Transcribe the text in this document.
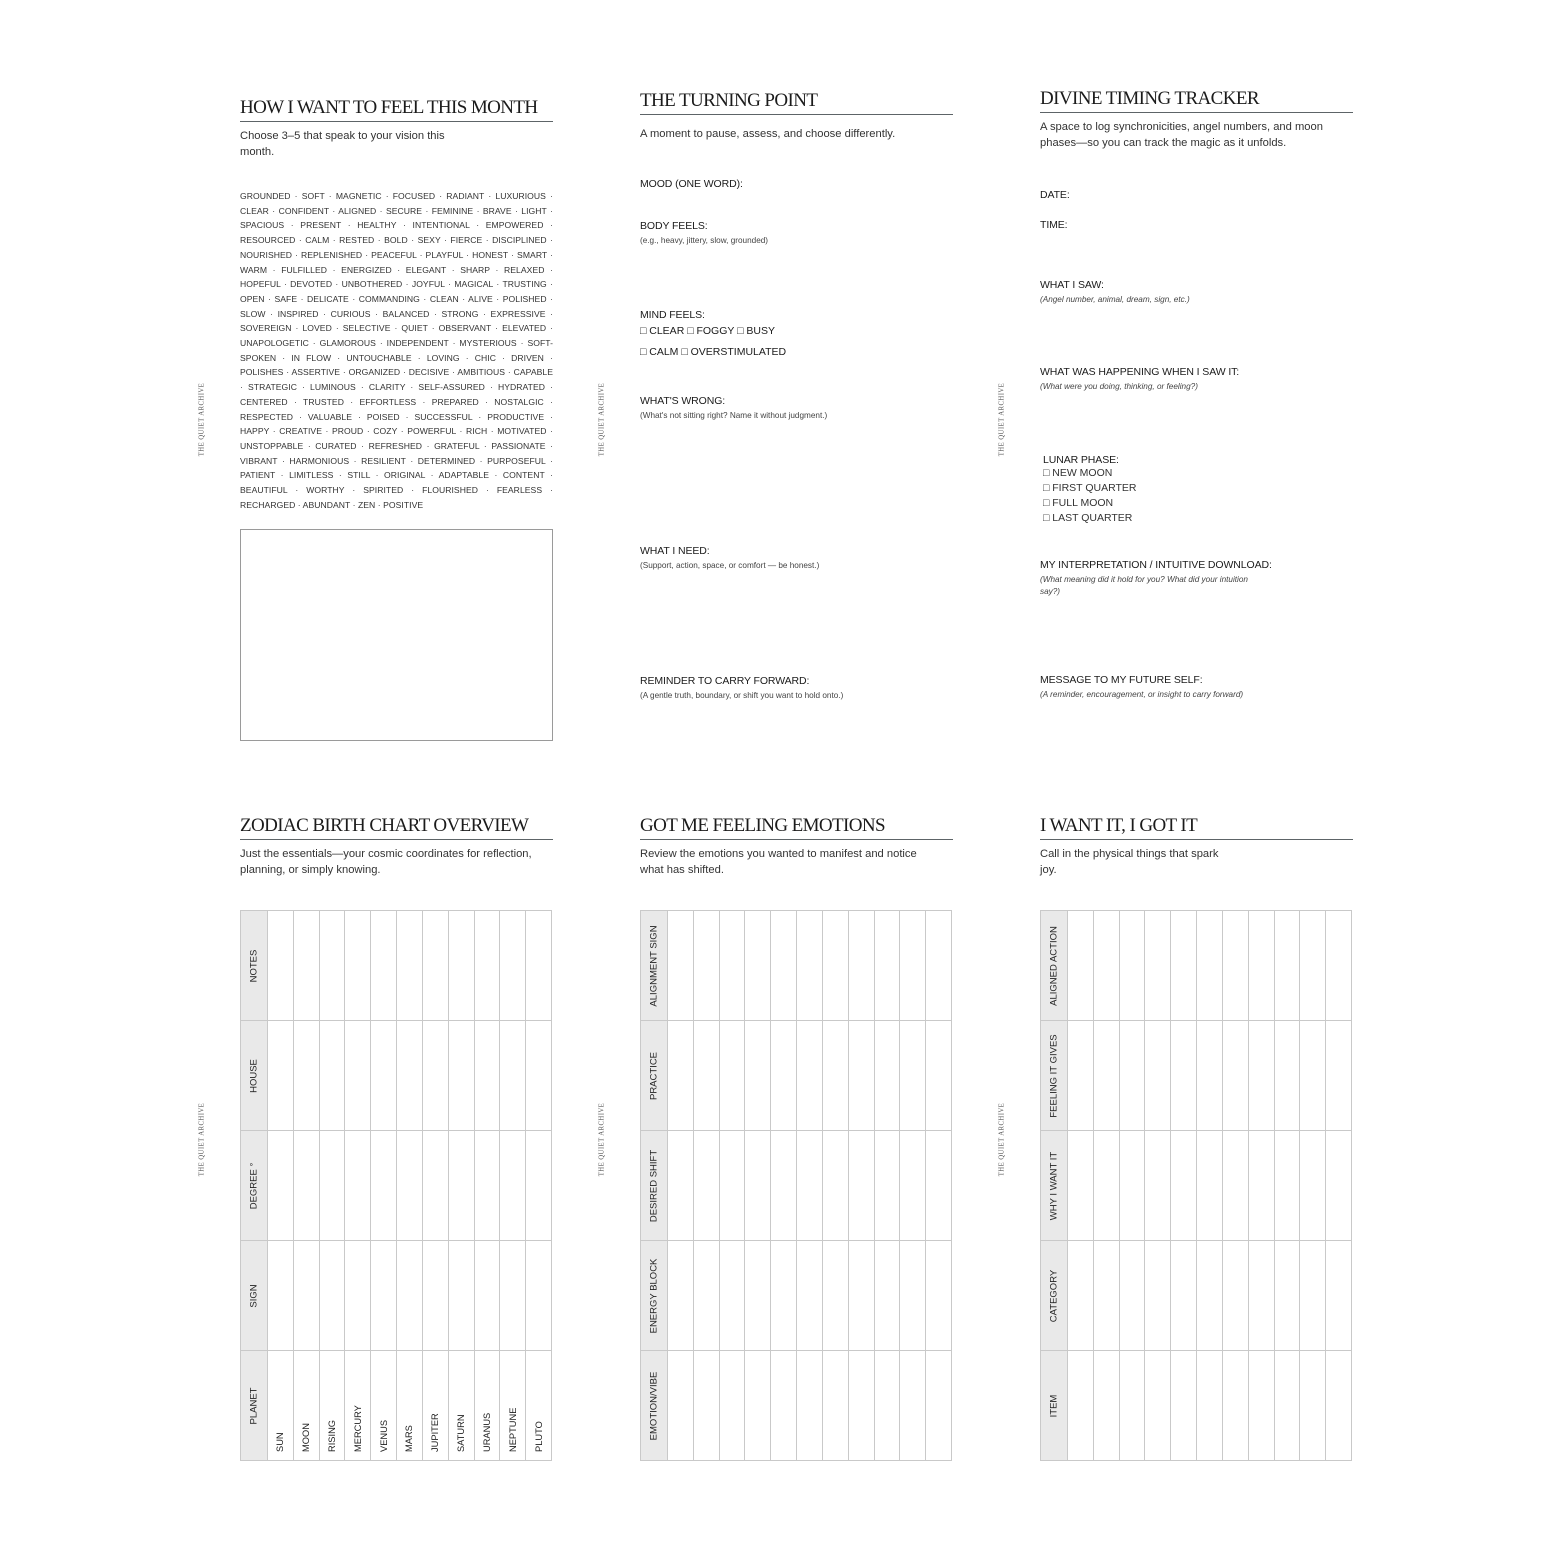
THE QUIET ARCHIVE
HOW I WANT TO FEEL THIS MONTH
Choose 3–5 that speak to your vision this
month.
GROUNDED · SOFT · MAGNETIC · FOCUSED · RADIANT · LUXURIOUS · CLEAR · CONFIDENT · ALIGNED · SECURE · FEMININE · BRAVE · LIGHT · SPACIOUS · PRESENT · HEALTHY · INTENTIONAL · EMPOWERED · RESOURCED · CALM · RESTED · BOLD · SEXY · FIERCE · DISCIPLINED · NOURISHED · REPLENISHED · PEACEFUL · PLAYFUL · HONEST · SMART · WARM · FULFILLED · ENERGIZED · ELEGANT · SHARP · RELAXED · HOPEFUL · DEVOTED · UNBOTHERED · JOYFUL · MAGICAL · TRUSTING · OPEN · SAFE · DELICATE · COMMANDING · CLEAN · ALIVE · POLISHED · SLOW · INSPIRED · CURIOUS · BALANCED · STRONG · EXPRESSIVE · SOVEREIGN · LOVED · SELECTIVE · QUIET · OBSERVANT · ELEVATED · UNAPOLOGETIC · GLAMOROUS · INDEPENDENT · MYSTERIOUS · SOFT-SPOKEN · IN FLOW · UNTOUCHABLE · LOVING · CHIC · DRIVEN · POLISHES · ASSERTIVE · ORGANIZED · DECISIVE · AMBITIOUS · CAPABLE · STRATEGIC · LUMINOUS · CLARITY · SELF-ASSURED · HYDRATED · CENTERED · TRUSTED · EFFORTLESS · PREPARED · NOSTALGIC · RESPECTED · VALUABLE · POISED · SUCCESSFUL · PRODUCTIVE · HAPPY · CREATIVE · PROUD · COZY · POWERFUL · RICH · MOTIVATED · UNSTOPPABLE · CURATED · REFRESHED · GRATEFUL · PASSIONATE · VIBRANT · HARMONIOUS · RESILIENT · DETERMINED · PURPOSEFUL · PATIENT · LIMITLESS · STILL · ORIGINAL · ADAPTABLE · CONTENT · BEAUTIFUL · WORTHY · SPIRITED · FLOURISHED · FEARLESS · RECHARGED · ABUNDANT · ZEN · POSITIVE
THE QUIET ARCHIVE
THE TURNING POINT
A moment to pause, assess, and choose differently.
MOOD (ONE WORD):
BODY FEELS:
(e.g., heavy, jittery, slow, grounded)
MIND FEELS:
□ CLEAR □ FOGGY □ BUSY
□ CALM □ OVERSTIMULATED
WHAT'S WRONG:
(What's not sitting right? Name it without judgment.)
WHAT I NEED:
(Support, action, space, or comfort — be honest.)
REMINDER TO CARRY FORWARD:
(A gentle truth, boundary, or shift you want to hold onto.)
THE QUIET ARCHIVE
DIVINE TIMING TRACKER
A space to log synchronicities, angel numbers, and moon
phases—so you can track the magic as it unfolds.
DATE:
TIME:
WHAT I SAW:
(Angel number, animal, dream, sign, etc.)
WHAT WAS HAPPENING WHEN I SAW IT:
(What were you doing, thinking, or feeling?)
LUNAR PHASE:
□ NEW MOON
□ FIRST QUARTER
□ FULL MOON
□ LAST QUARTER
MY INTERPRETATION / INTUITIVE DOWNLOAD:
(What meaning did it hold for you? What did your intuition
say?)
MESSAGE TO MY FUTURE SELF:
(A reminder, encouragement, or insight to carry forward)
THE QUIET ARCHIVE
ZODIAC BIRTH CHART OVERVIEW
Just the essentials—your cosmic coordinates for reflection,
planning, or simply knowing.
NOTES											

HOUSE											

DEGREE °											

SIGN											

PLANET	SUN	MOON	RISING	MERCURY	VENUS	MARS	JUPITER	SATURN	URANUS	NEPTUNE	PLUTO
THE QUIET ARCHIVE
GOT ME FEELING EMOTIONS
Review the emotions you wanted to manifest and notice
what has shifted.
ALIGNMENT SIGN											

PRACTICE											

DESIRED SHIFT											

ENERGY BLOCK											

EMOTION/VIBE											

THE QUIET ARCHIVE
I WANT IT, I GOT IT
Call in the physical things that spark
joy.
ALIGNED ACTION											

FEELING IT GIVES											

WHY I WANT IT											

CATEGORY											

ITEM											
